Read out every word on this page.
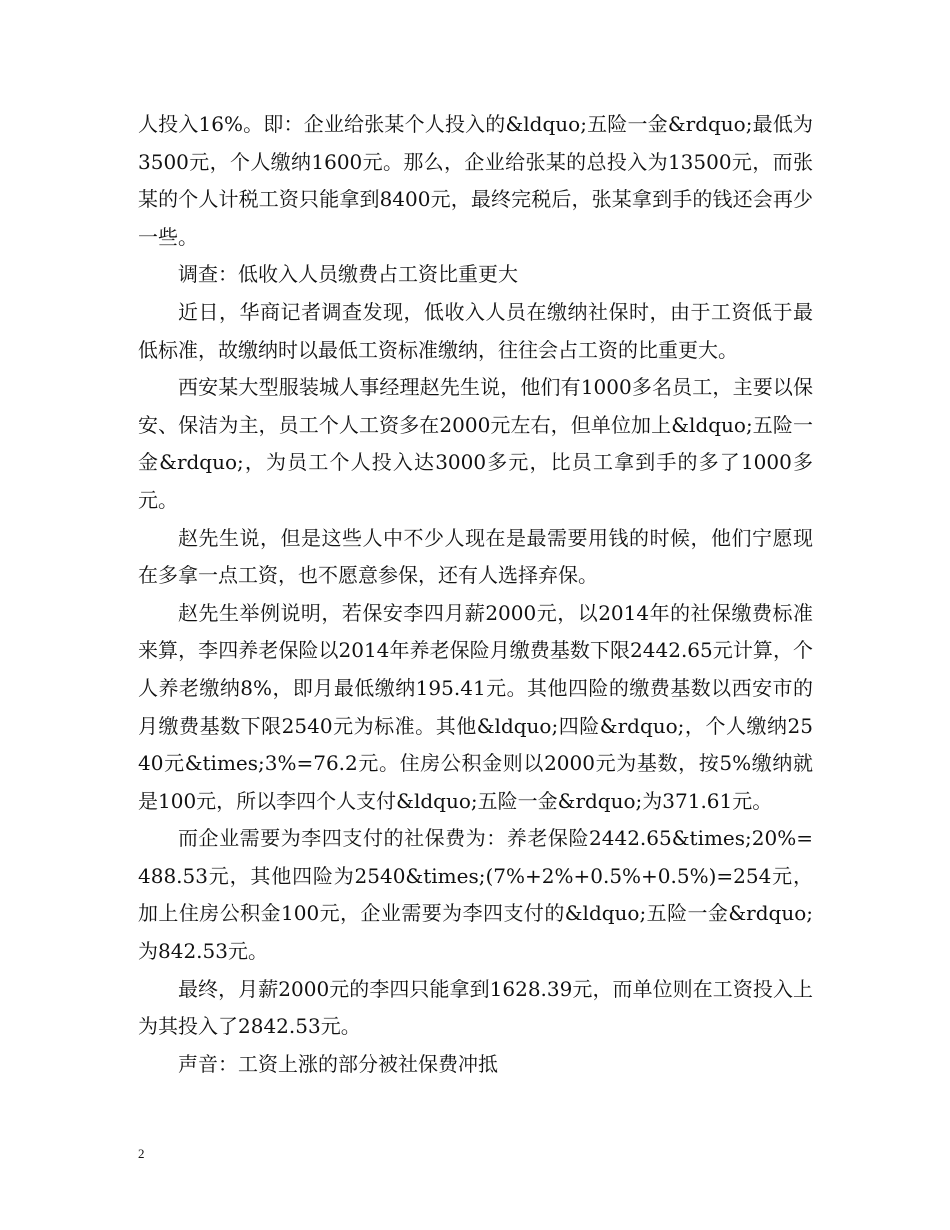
人投入16%。即：企业给张某个人投入的&ldquo;五险一金&rdquo;最低为3500元，个人缴纳1600元。那么，企业给张某的总投入为13500元，而张某的个人计税工资只能拿到8400元，最终完税后，张某拿到手的钱还会再少一些。

调查：低收入人员缴费占工资比重更大

近日，华商记者调查发现，低收入人员在缴纳社保时，由于工资低于最低标准，故缴纳时以最低工资标准缴纳，往往会占工资的比重更大。

西安某大型服装城人事经理赵先生说，他们有1000多名员工，主要以保安、保洁为主，员工个人工资多在2000元左右，但单位加上&ldquo;五险一金&rdquo;，为员工个人投入达3000多元，比员工拿到手的多了1000多元。

赵先生说，但是这些人中不少人现在是最需要用钱的时候，他们宁愿现在多拿一点工资，也不愿意参保，还有人选择弃保。

赵先生举例说明，若保安李四月薪2000元，以2014年的社保缴费标准来算，李四养老保险以2014年养老保险月缴费基数下限2442.65元计算，个人养老缴纳8%，即月最低缴纳195.41元。其他四险的缴费基数以西安市的月缴费基数下限2540元为标准。其他&ldquo;四险&rdquo;，个人缴纳2540元&times;3%=76.2元。住房公积金则以2000元为基数，按5%缴纳就是100元，所以李四个人支付&ldquo;五险一金&rdquo;为371.61元。

而企业需要为李四支付的社保费为：养老保险2442.65&times;20%=488.53元，其他四险为2540&times;(7%+2%+0.5%+0.5%)=254元，加上住房公积金100元，企业需要为李四支付的&ldquo;五险一金&rdquo;为842.53元。

最终，月薪2000元的李四只能拿到1628.39元，而单位则在工资投入上为其投入了2842.53元。

声音：工资上涨的部分被社保费冲抵

2
